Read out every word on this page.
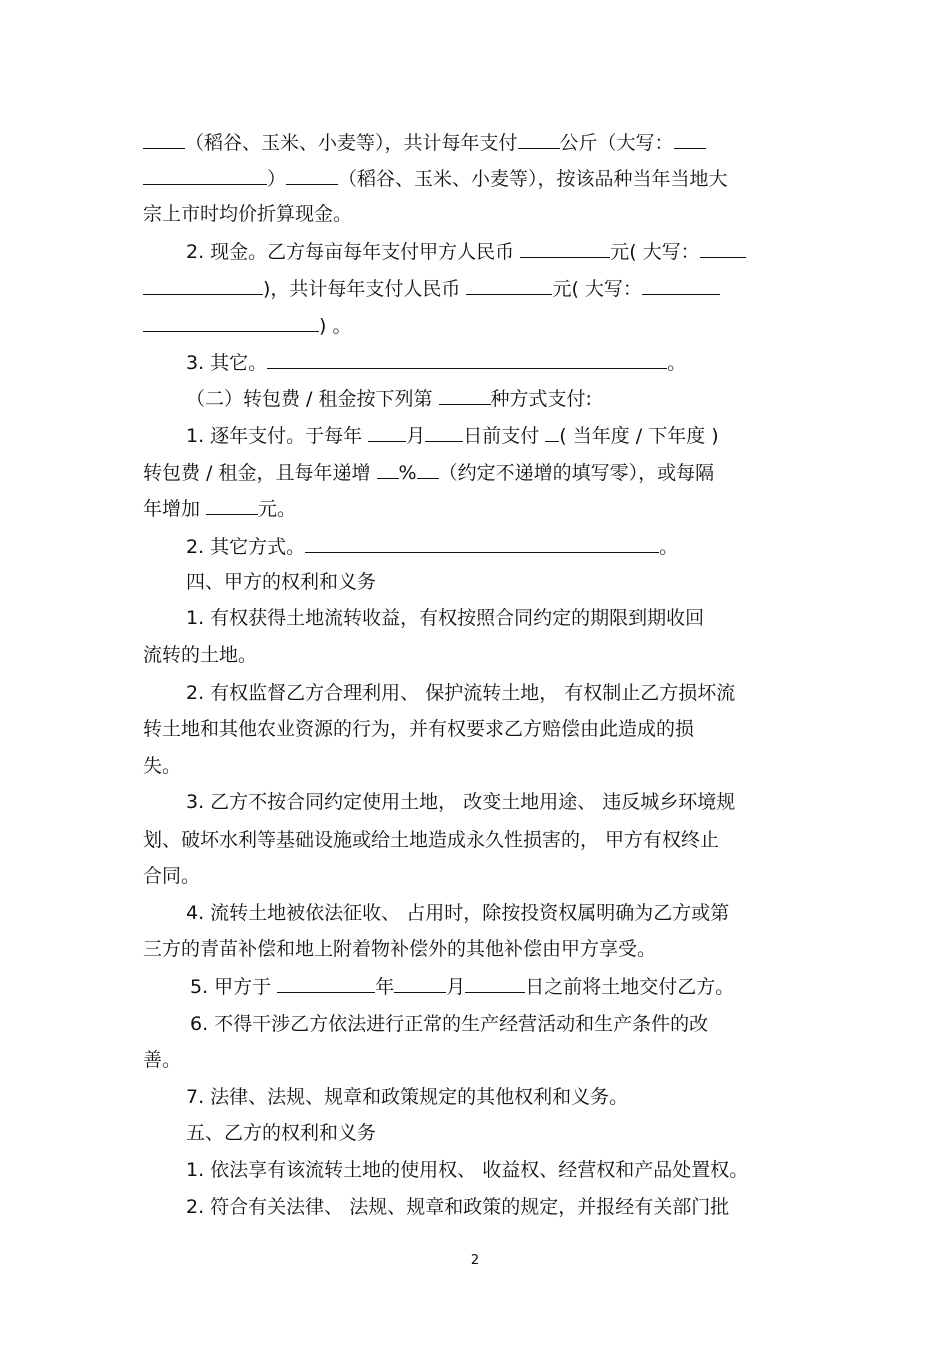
（稻谷、玉米、小麦等），共计每年支付 公斤（大写：
）	（稻谷、玉米、小麦等），按该品种当年当地大
宗上市时均价折算现金。
2. 现金。乙方每亩每年支付甲方人民币	元( 大写：
)，共计每年支付人民币	元( 大写：
) 。
3. 其它。	。
（二）转包费 / 租金按下列第	种方式支付:
1. 逐年支付。于每年 月 日前支付 ( 当年度 / 下年度 )
转包费 / 租金，且每年递增 % （约定不递增的填写零），或每隔
年增加	元。
2. 其它方式。	。
四、甲方的权利和义务
1. 有权获得土地流转收益，有权按照合同约定的期限到期收回
流转的土地。
2. 有权监督乙方合理利用、 保护流转土地， 有权制止乙方损坏流
转土地和其他农业资源的行为，并有权要求乙方赔偿由此造成的损
失。
3. 乙方不按合同约定使用土地， 改变土地用途、 违反城乡环境规
划、破坏水利等基础设施或给土地造成永久性损害的， 甲方有权终止
合同。
4. 流转土地被依法征收、 占用时，除按投资权属明确为乙方或第
三方的青苗补偿和地上附着物补偿外的其他补偿由甲方享受。
5. 甲方于	年	月	日之前将土地交付乙方。
6. 不得干涉乙方依法进行正常的生产经营活动和生产条件的改
善。
7. 法律、法规、规章和政策规定的其他权利和义务。
五、乙方的权利和义务
1. 依法享有该流转土地的使用权、 收益权、经营权和产品处置权。
2. 符合有关法律、 法规、规章和政策的规定，并报经有关部门批
2
